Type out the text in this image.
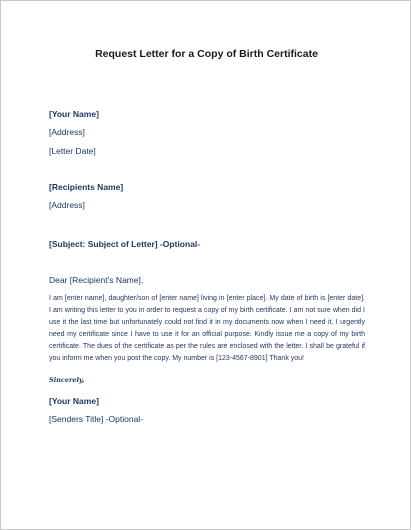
Request Letter for a Copy of Birth Certificate
[Your Name]
[Address]
[Letter Date]
[Recipients Name]
[Address]
[Subject: Subject of Letter] -Optional-
Dear [Recipient's Name],
I am [enter name], daughter/son of [enter name] living in [enter place]. My date of birth is [enter date]. I am writing this letter to you in order to request a copy of my birth certificate. I am not sure when did I use it the last time but unfortunately could not find it in my documents now when I need it. I urgently need my certificate since I have to use it for an official purpose. Kindly issue me a copy of my birth certificate. The dues of the certificate as per the rules are enclosed with the letter. I shall be grateful if you inform me when you post the copy. My number is [123-4567-8901] Thank you!
Sincerely,
[Your Name]
[Senders Title] -Optional-
